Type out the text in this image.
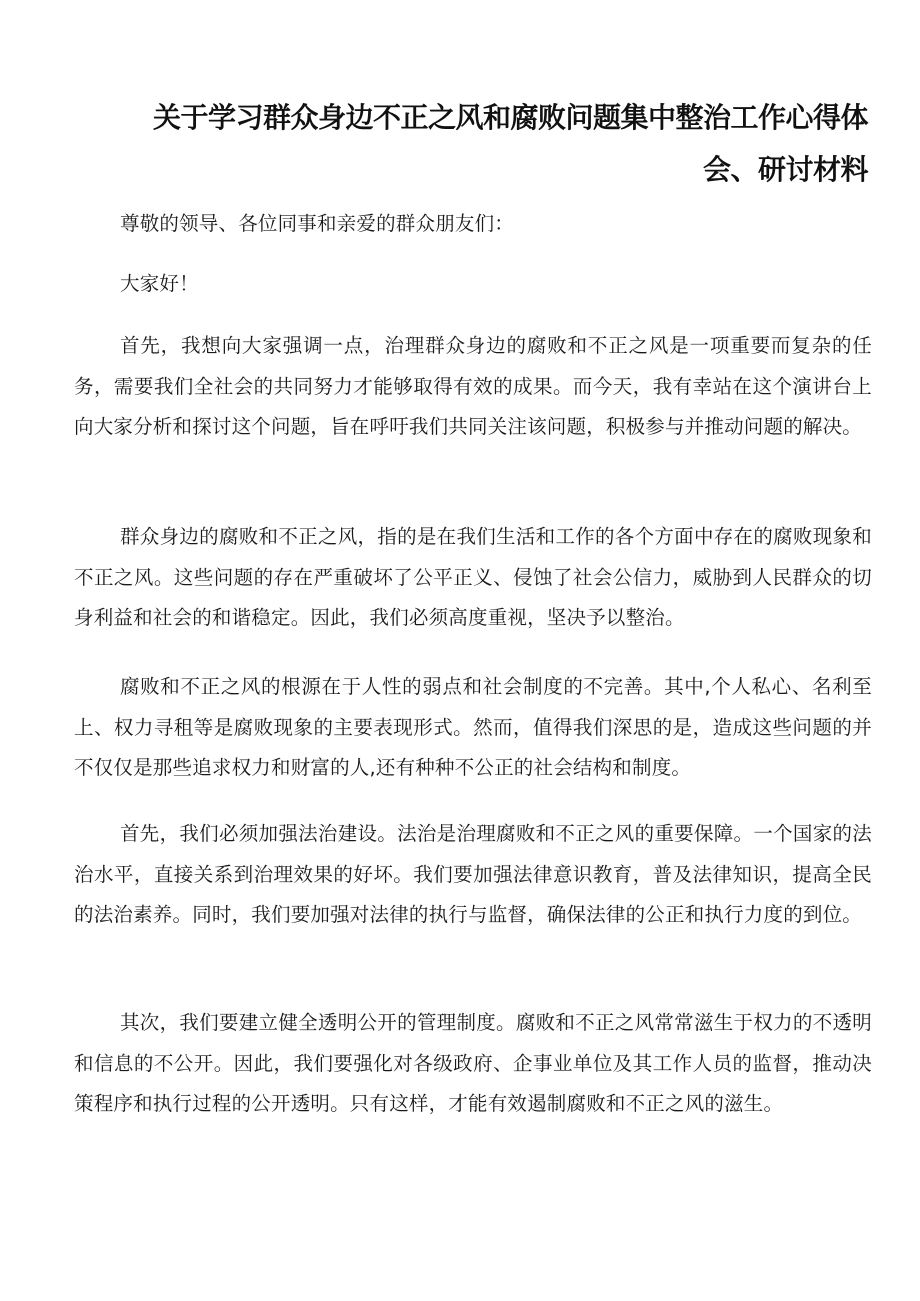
关于学习群众身边不正之风和腐败问题集中整治工作心得体会、研讨材料

尊敬的领导、各位同事和亲爱的群众朋友们：

大家好！

首先，我想向大家强调一点，治理群众身边的腐败和不正之风是一项重要而复杂的任务，需要我们全社会的共同努力才能够取得有效的成果。而今天，我有幸站在这个演讲台上向大家分析和探讨这个问题，旨在呼吁我们共同关注该问题，积极参与并推动问题的解决。

群众身边的腐败和不正之风，指的是在我们生活和工作的各个方面中存在的腐败现象和不正之风。这些问题的存在严重破坏了公平正义、侵蚀了社会公信力，威胁到人民群众的切身利益和社会的和谐稳定。因此，我们必须高度重视，坚决予以整治。

腐败和不正之风的根源在于人性的弱点和社会制度的不完善。其中,个人私心、名利至上、权力寻租等是腐败现象的主要表现形式。然而，值得我们深思的是，造成这些问题的并不仅仅是那些追求权力和财富的人,还有种种不公正的社会结构和制度。

首先，我们必须加强法治建设。法治是治理腐败和不正之风的重要保障。一个国家的法治水平，直接关系到治理效果的好坏。我们要加强法律意识教育，普及法律知识，提高全民的法治素养。同时，我们要加强对法律的执行与监督，确保法律的公正和执行力度的到位。

其次，我们要建立健全透明公开的管理制度。腐败和不正之风常常滋生于权力的不透明和信息的不公开。因此，我们要强化对各级政府、企事业单位及其工作人员的监督，推动决策程序和执行过程的公开透明。只有这样，才能有效遏制腐败和不正之风的滋生。
